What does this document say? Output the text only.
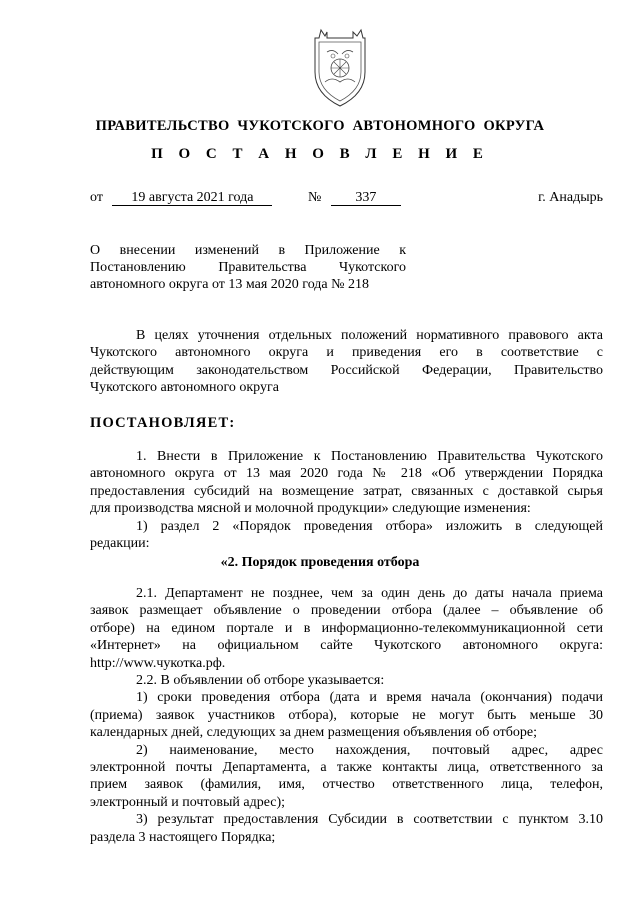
ПРАВИТЕЛЬСТВО  ЧУКОТСКОГО  АВТОНОМНОГО  ОКРУГА
П О С Т А Н О В Л Е Н И Е
от 19 августа 2021 года	№ 337	г. Анадырь
О внесении изменений в Приложение к
Постановлению Правительства Чукотского
автономного округа от 13 мая 2020 года № 218
В целях уточнения отдельных положений нормативного правового акта
Чукотского автономного округа и приведения его в соответствие с
действующим законодательством Российской Федерации, Правительство
Чукотского автономного округа
ПОСТАНОВЛЯЕТ:
1. Внести в Приложение к Постановлению Правительства Чукотского
автономного округа от 13 мая 2020 года № 218 «Об утверждении Порядка
предоставления субсидий на возмещение затрат, связанных с доставкой сырья
для производства мясной и молочной продукции» следующие изменения:
1) раздел 2 «Порядок проведения отбора» изложить в следующей
редакции:
«2. Порядок проведения отбора
2.1. Департамент не позднее, чем за один день до даты начала приема
заявок размещает объявление о проведении отбора (далее – объявление об
отборе) на едином портале и в информационно-телекоммуникационной сети
«Интернет» на официальном сайте Чукотского автономного округа:
http://www.чукотка.рф.
2.2. В объявлении об отборе указывается:
1) сроки проведения отбора (дата и время начала (окончания) подачи
(приема) заявок участников отбора), которые не могут быть меньше 30
календарных дней, следующих за днем размещения объявления об отборе;
2) наименование, место нахождения, почтовый адрес, адрес
электронной почты Департамента, а также контакты лица, ответственного за
прием заявок (фамилия, имя, отчество ответственного лица, телефон,
электронный и почтовый адрес);
3) результат предоставления Субсидии в соответствии с пунктом 3.10
раздела 3 настоящего Порядка;
